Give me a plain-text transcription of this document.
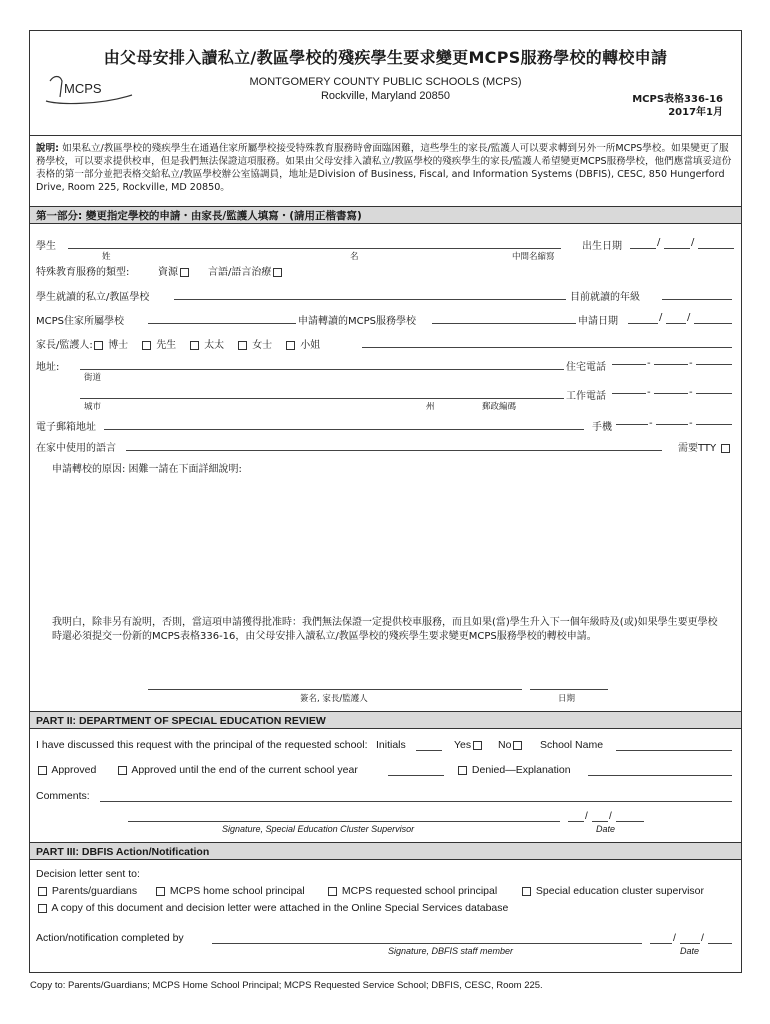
由父母安排入讀私立/教區學校的殘疾學生要求變更MCPS服務學校的轉校申請
MCPS	MONTGOMERY COUNTY PUBLIC SCHOOLS (MCPS)
Rockville, Maryland 20850	MCPS表格336-16
2017年1月
說明: 如果私立/教區學校的殘疾學生在通過住家所屬學校接受特殊教育服務時會面臨困難，這些學生的家長/監護人可以要求轉到另外一所MCPS學校。如果變更了服務學校，可以要求提供校車，但是我們無法保證這項服務。如果由父母安排入讀私立/教區學校的殘疾學生的家長/監護人希望變更MCPS服務學校，他們應當填妥這份表格的第一部分並把表格交給私立/教區學校辦公室協調員，地址是Division of Business, Fiscal, and Information Systems (DBFIS), CESC, 850 Hungerford Drive, Room 225, Rockville, MD 20850。
第一部分: 變更指定學校的申請・由家長/監護人填寫・(請用正楷書寫)
學生
姓	名	中間名縮寫
出生日期	/	/
特殊教育服務的類型:	資源	言語/語言治療
學生就讀的私立/教區學校	目前就讀的年級
MCPS住家所屬學校	申請轉讀的MCPS服務學校	申請日期	/ /
家長/監護人:	博士	先生	太太	女士	小姐
地址:
街道
住宅電話	-	-
城市	州	郵政編碼
工作電話	-	-
電子郵箱地址	手機	-	-
在家中使用的語言	需要TTY
申請轉校的原因: 困難一請在下面詳細說明:
我明白，除非另有說明，否則，當這項申請獲得批准時：我們無法保證一定提供校車服務，而且如果(當)學生升入下一個年級時及(或)如果學生要更學校時還必須提交一份新的MCPS表格336-16，由父母安排入讀私立/教區學校的殘疾學生要求變更MCPS服務學校的轉校申請。
簽名, 家長/監護人	日期
PART II: DEPARTMENT OF SPECIAL EDUCATION REVIEW
I have discussed this request with the principal of the requested school: Initials	Yes	No	School Name
Approved	Approved until the end of the current school year	Denied—Explanation
Comments:
Signature, Special Education Cluster Supervisor
/ /
Date
PART III: DBFIS Action/Notification
Decision letter sent to:
Parents/guardians	MCPS home school principal	MCPS requested school principal	Special education cluster supervisor
A copy of this document and decision letter were attached in the Online Special Services database
Action/notification completed by
Signature, DBFIS staff member
/ /
Date
Copy to: Parents/Guardians; MCPS Home School Principal; MCPS Requested Service School; DBFIS, CESC, Room 225.
